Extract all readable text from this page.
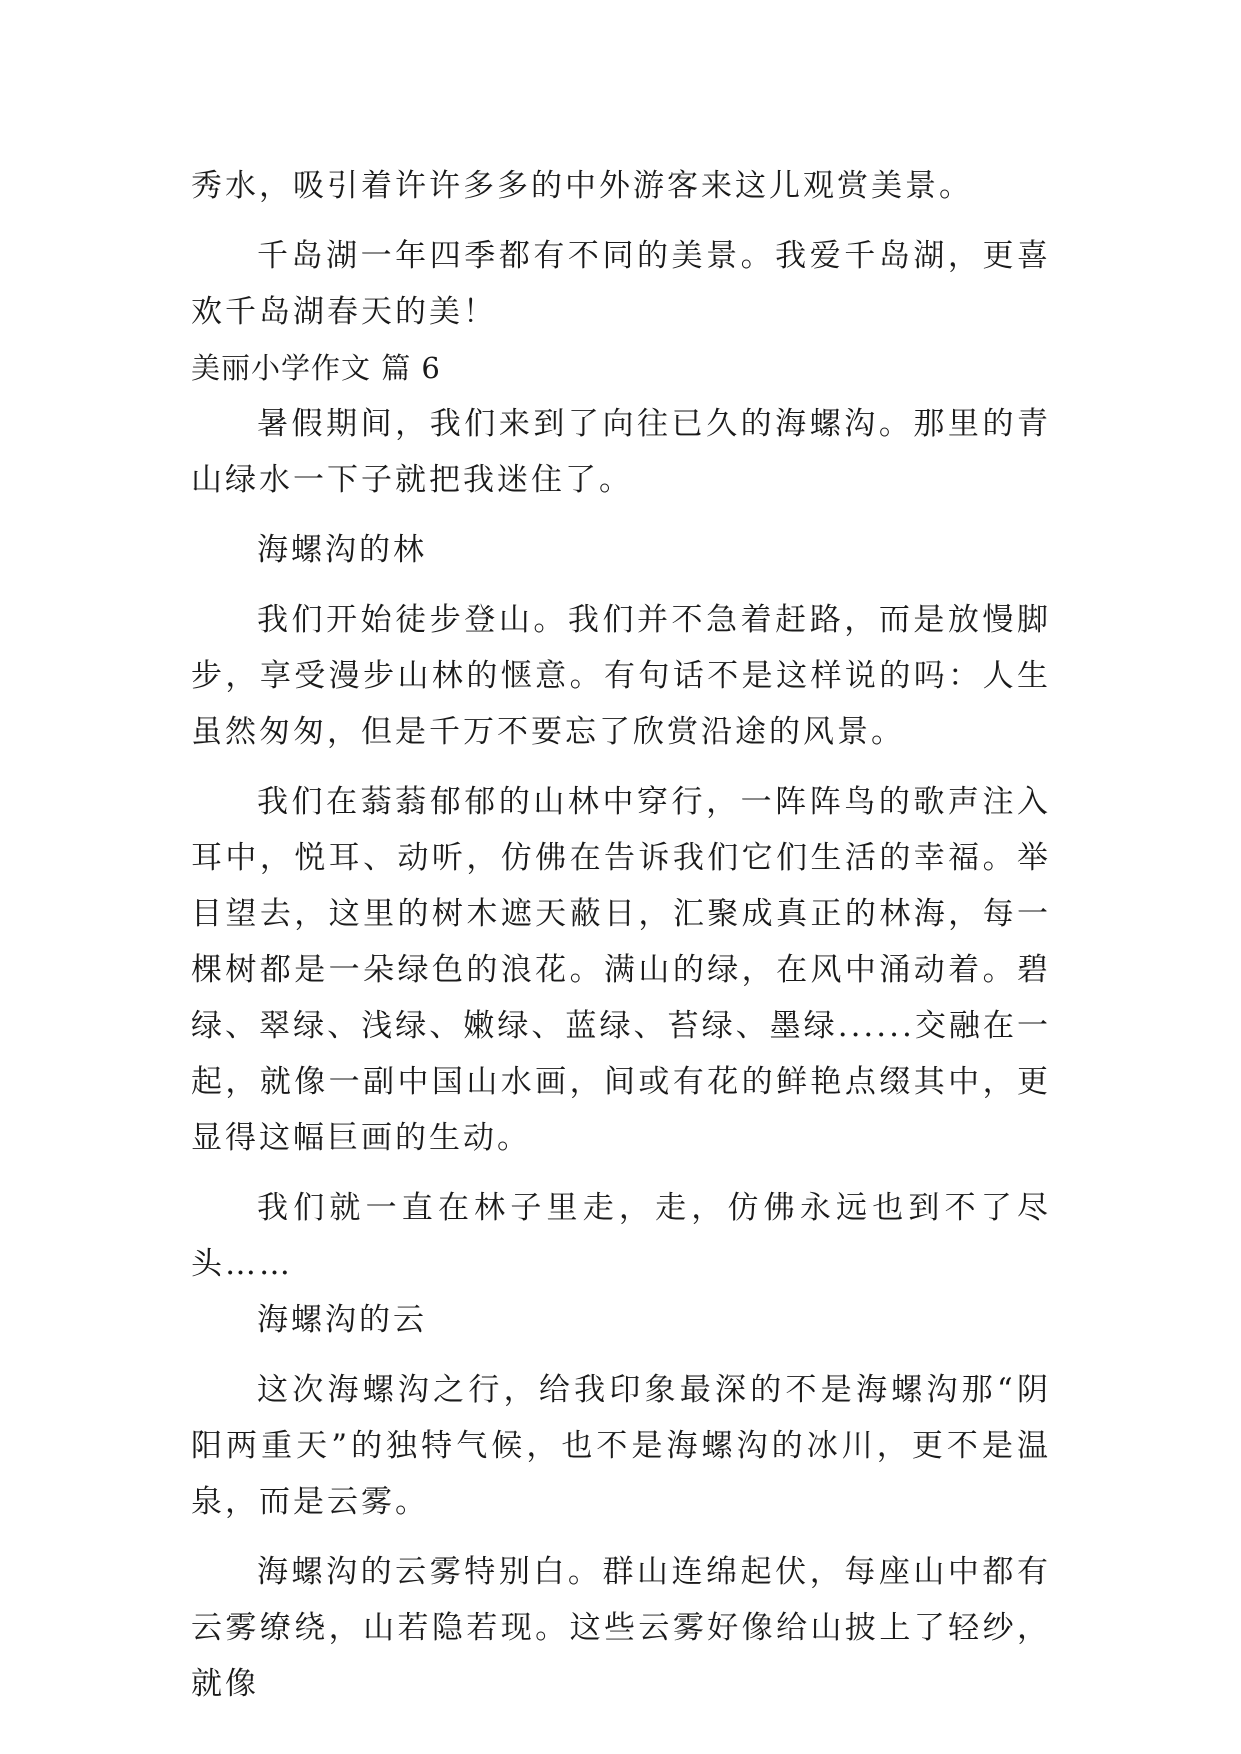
秀水，吸引着许许多多的中外游客来这儿观赏美景。

千岛湖一年四季都有不同的美景。我爱千岛湖，更喜欢千岛湖春天的美！

美丽小学作文 篇 6

暑假期间，我们来到了向往已久的海螺沟。那里的青山绿水一下子就把我迷住了。

海螺沟的林

我们开始徒步登山。我们并不急着赶路，而是放慢脚步，享受漫步山林的惬意。有句话不是这样说的吗：人生虽然匆匆，但是千万不要忘了欣赏沿途的风景。

我们在蓊蓊郁郁的山林中穿行，一阵阵鸟的歌声注入耳中，悦耳、动听，仿佛在告诉我们它们生活的幸福。举目望去，这里的树木遮天蔽日，汇聚成真正的林海，每一棵树都是一朵绿色的浪花。满山的绿，在风中涌动着。碧绿、翠绿、浅绿、嫩绿、蓝绿、苔绿、墨绿......交融在一起，就像一副中国山水画，间或有花的鲜艳点缀其中，更显得这幅巨画的生动。

我们就一直在林子里走，走，仿佛永远也到不了尽头……

海螺沟的云

这次海螺沟之行，给我印象最深的不是海螺沟那“阴阳两重天”的独特气候，也不是海螺沟的冰川，更不是温泉，而是云雾。

海螺沟的云雾特别白。群山连绵起伏，每座山中都有云雾缭绕，山若隐若现。这些云雾好像给山披上了轻纱，就像
